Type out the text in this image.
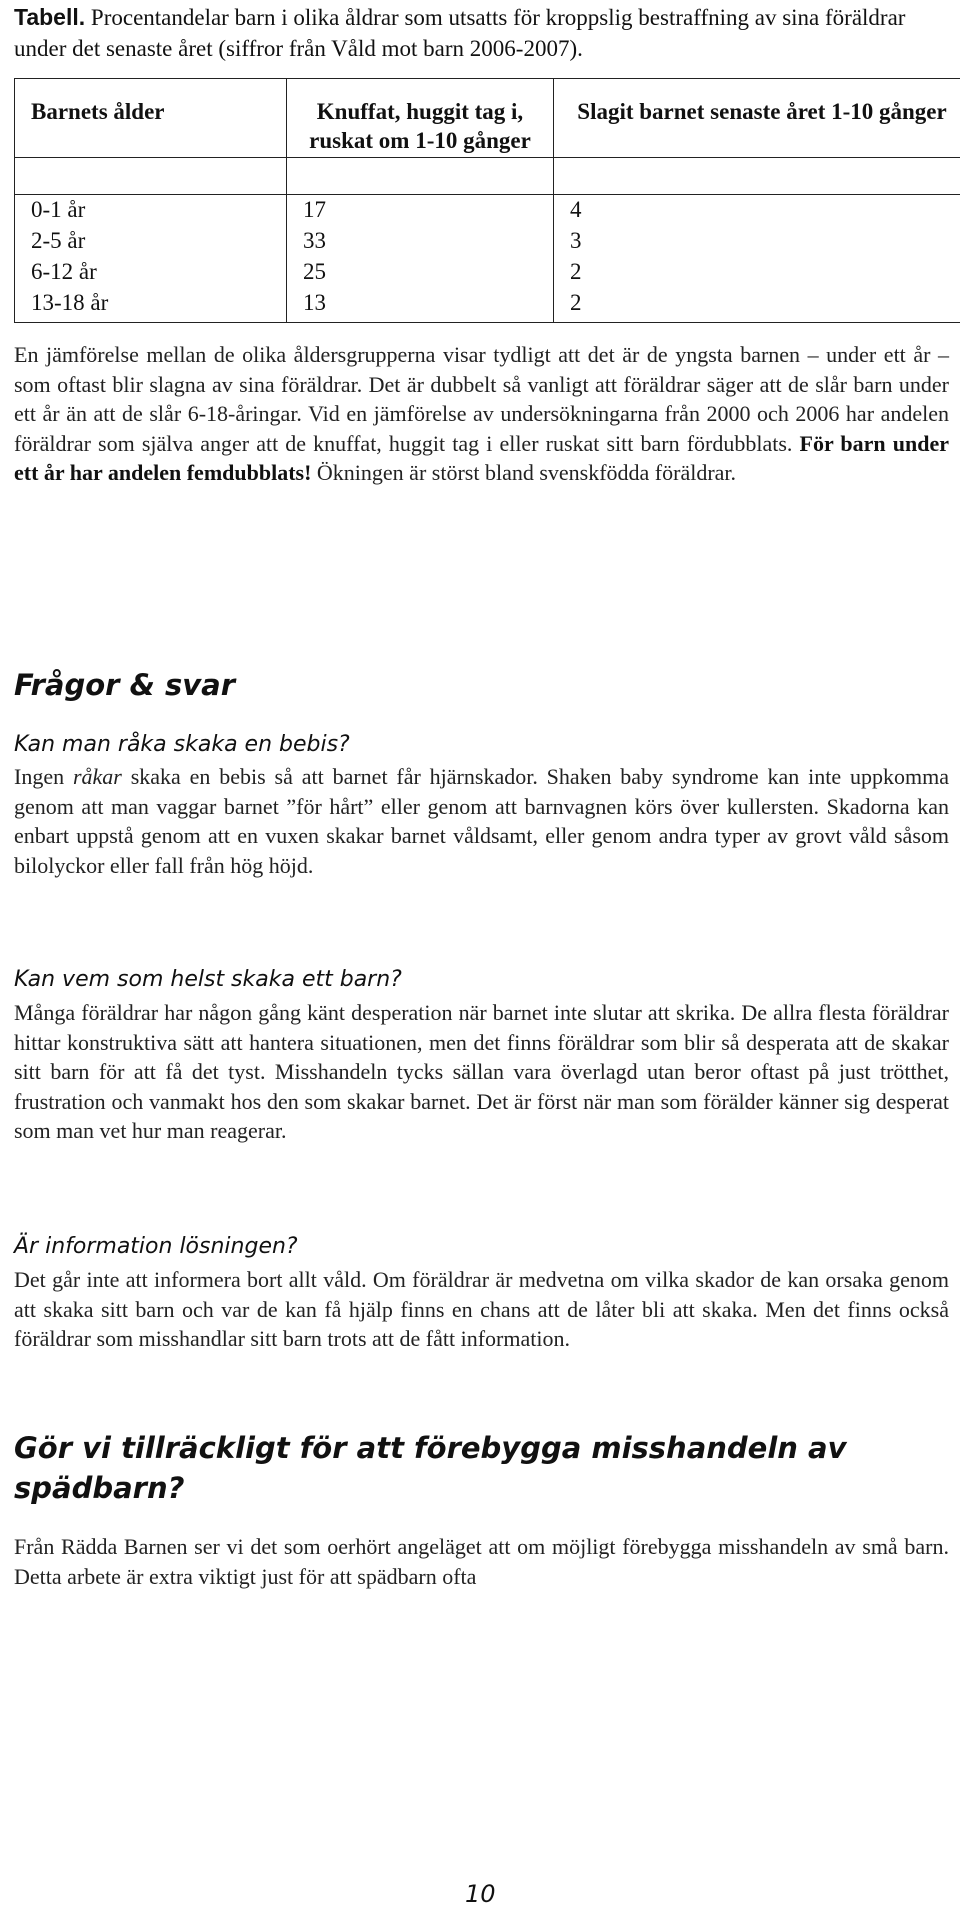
Tabell. Procentandelar barn i olika åldrar som utsatts för kroppslig bestraffning av sina föräldrar under det senaste året (siffror från Våld mot barn 2006-2007).
Barnets ålder	Knuffat, huggit tag i, ruskat om 1-10 gånger	Slagit barnet senaste året 1-10 gånger

0-1 år	17	4
2-5 år	33	3
6-12 år	25	2
13-18 år	13	2
En jämförelse mellan de olika åldersgrupperna visar tydligt att det är de yngsta barnen – under ett år – som oftast blir slagna av sina föräldrar. Det är dubbelt så vanligt att föräldrar säger att de slår barn under ett år än att de slår 6-18-åringar. Vid en jämförelse av undersökningarna från 2000 och 2006 har andelen föräldrar som själva anger att de knuffat, huggit tag i eller ruskat sitt barn fördubblats. För barn under ett år har andelen femdubblats! Ökningen är störst bland svenskfödda föräldrar.
Frågor & svar
Kan man råka skaka en bebis?
Ingen råkar skaka en bebis så att barnet får hjärnskador. Shaken baby syndrome kan inte uppkomma genom att man vaggar barnet ”för hårt” eller genom att barnvagnen körs över kullersten. Skadorna kan enbart uppstå genom att en vuxen skakar barnet våldsamt, eller genom andra typer av grovt våld såsom bilolyckor eller fall från hög höjd.
Kan vem som helst skaka ett barn?
Många föräldrar har någon gång känt desperation när barnet inte slutar att skrika. De allra flesta föräldrar hittar konstruktiva sätt att hantera situationen, men det finns föräldrar som blir så desperata att de skakar sitt barn för att få det tyst. Misshandeln tycks sällan vara överlagd utan beror oftast på just trötthet, frustration och vanmakt hos den som skakar barnet. Det är först när man som förälder känner sig desperat som man vet hur man reagerar.
Är information lösningen?
Det går inte att informera bort allt våld. Om föräldrar är medvetna om vilka skador de kan orsaka genom att skaka sitt barn och var de kan få hjälp finns en chans att de låter bli att skaka. Men det finns också föräldrar som misshandlar sitt barn trots att de fått information.
Gör vi tillräckligt för att förebygga misshandeln av spädbarn?
Från Rädda Barnen ser vi det som oerhört angeläget att om möjligt förebygga misshandeln av små barn. Detta arbete är extra viktigt just för att spädbarn ofta
10
